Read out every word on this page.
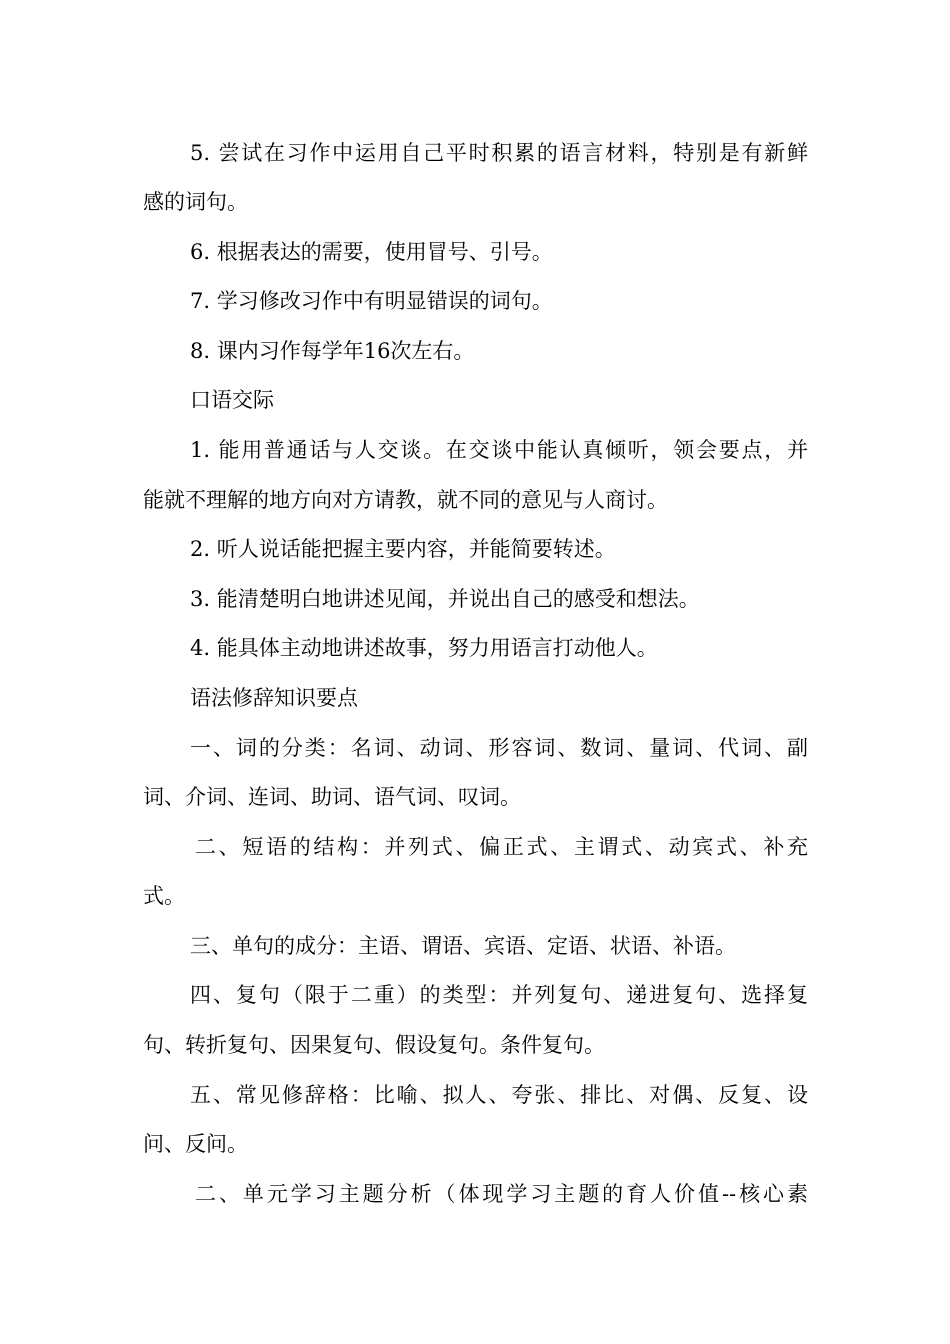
5. 尝试在习作中运用自己平时积累的语言材料，特别是有新鲜
感的词句。
6. 根据表达的需要，使用冒号、引号。
7. 学习修改习作中有明显错误的词句。
8. 课内习作每学年16次左右。
口语交际
1. 能用普通话与人交谈。在交谈中能认真倾听，领会要点，并
能就不理解的地方向对方请教，就不同的意见与人商讨。
2. 听人说话能把握主要内容，并能简要转述。
3. 能清楚明白地讲述见闻，并说出自己的感受和想法。
4. 能具体主动地讲述故事，努力用语言打动他人。
语法修辞知识要点
一、词的分类：名词、动词、形容词、数词、量词、代词、副
词、介词、连词、助词、语气词、叹词。
二、短语的结构：并列式、偏正式、主谓式、动宾式、补充
式。
三、单句的成分：主语、谓语、宾语、定语、状语、补语。
四、复句（限于二重）的类型：并列复句、递进复句、选择复
句、转折复句、因果复句、假设复句。条件复句。
五、常见修辞格：比喻、拟人、夸张、排比、对偶、反复、设
问、反问。
二、单元学习主题分析（体现学习主题的育人价值--核心素
